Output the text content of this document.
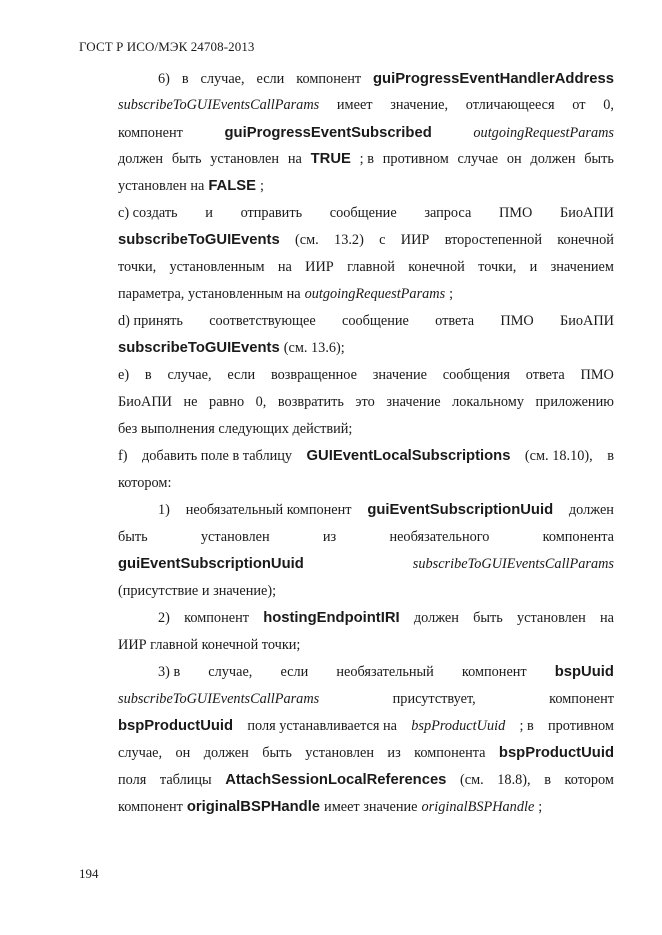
ГОСТ Р ИСО/МЭК 24708-2013
6) в случае, если компонент guiProgressEventHandlerAddress
subscribeToGUIEventsCallParams имеет значение, отличающееся от 0,
компонент	guiProgressEventSubscribed	outgoingRequestParams
должен быть установлен на TRUE ; в противном случае он должен быть
установлен на FALSE ;
c) создать и отправить сообщение запроса ПМО БиоАПИ
subscribeToGUIEvents (см. 13.2) с ИИР второстепенной конечной
точки, установленным на ИИР главной конечной точки, и значением
параметра, установленным на outgoingRequestParams ;
d) принять соответствующее сообщение ответа ПМО БиоАПИ
subscribeToGUIEvents (см. 13.6);
e) в случае, если возвращенное значение сообщения ответа ПМО
БиоАПИ не равно 0, возвратить это значение локальному приложению
без выполнения следующих действий;
f) добавить поле в таблицу GUIEventLocalSubscriptions (см. 18.10), в
котором:
1) необязательный компонент guiEventSubscriptionUuid должен
быть	установлен	из	необязательного	компонента
guiEventSubscriptionUuid	subscribeToGUIEventsCallParams
(присутствие и значение);
2) компонент hostingEndpointIRI должен быть установлен на
ИИР главной конечной точки;
3) в случае, если необязательный компонент bspUuid
subscribeToGUIEventsCallParams	присутствует,	компонент
bspProductUuid поля устанавливается на bspProductUuid ; в противном
случае, он должен быть установлен из компонента bspProductUuid
поля таблицы AttachSessionLocalReferences (см. 18.8), в котором
компонент originalBSPHandle имеет значение originalBSPHandle ;
194
